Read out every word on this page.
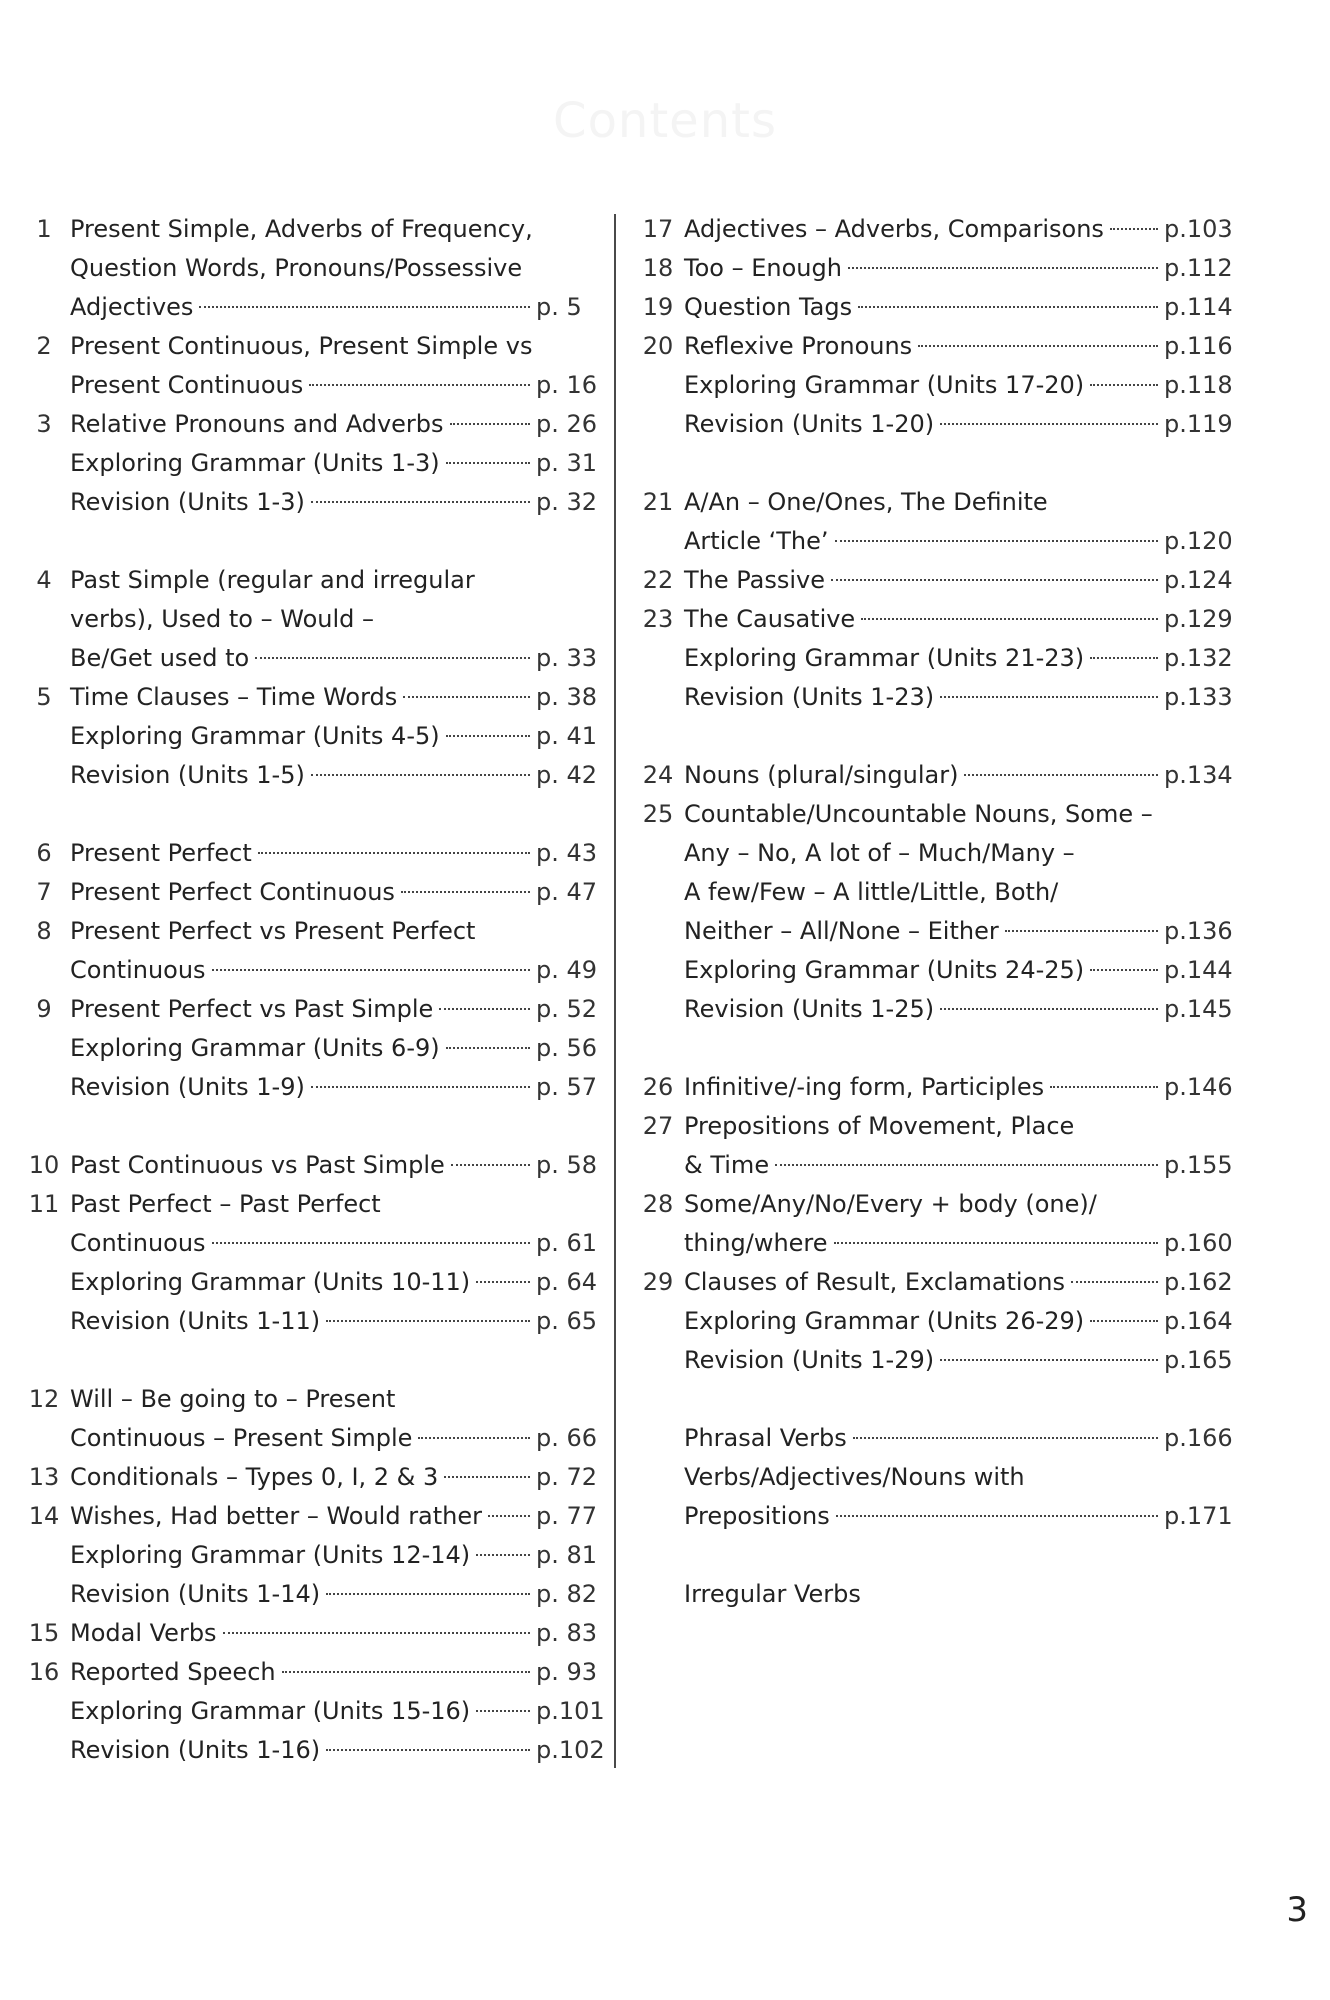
Contents
1 Present Simple, Adverbs of Frequency,
Question Words, Pronouns/Possessive
Adjectives	p. 5
2 Present Continuous, Present Simple vs
Present Continuous	p. 16
3 Relative Pronouns and Adverbs	p. 26
Exploring Grammar (Units 1-3)	p. 31
Revision (Units 1-3)	p. 32
4 Past Simple (regular and irregular
verbs), Used to – Would –
Be/Get used to	p. 33
5 Time Clauses – Time Words	p. 38
Exploring Grammar (Units 4-5)	p. 41
Revision (Units 1-5)	p. 42
6 Present Perfect	p. 43
7 Present Perfect Continuous	p. 47
8 Present Perfect vs Present Perfect
Continuous	p. 49
9 Present Perfect vs Past Simple	p. 52
Exploring Grammar (Units 6-9)	p. 56
Revision (Units 1-9)	p. 57
10 Past Continuous vs Past Simple	p. 58
11 Past Perfect – Past Perfect
Continuous	p. 61
Exploring Grammar (Units 10-11)	p. 64
Revision (Units 1-11)	p. 65
12 Will – Be going to – Present
Continuous – Present Simple	p. 66
13 Conditionals – Types 0, I, 2 & 3	p. 72
14 Wishes, Had better – Would rather p. 77
Exploring Grammar (Units 12-14)	p. 81
Revision (Units 1-14)	p. 82
15 Modal Verbs	p. 83
16 Reported Speech	p. 93
Exploring Grammar (Units 15-16)	p.101
Revision (Units 1-16)	p.102
17 Adjectives – Adverbs, Comparisons	p.103
18 Too – Enough	p.112
19 Question Tags	p.114
20 Reflexive Pronouns	p.116
Exploring Grammar (Units 17-20)	p.118
Revision (Units 1-20)	p.119
21 A/An – One/Ones, The Definite
Article ‘The’	p.120
22 The Passive	p.124
23 The Causative	p.129
Exploring Grammar (Units 21-23)	p.132
Revision (Units 1-23)	p.133
24 Nouns (plural/singular)	p.134
25 Countable/Uncountable Nouns, Some –
Any – No, A lot of – Much/Many –
A few/Few – A little/Little, Both/
Neither – All/None – Either	p.136
Exploring Grammar (Units 24-25)	p.144
Revision (Units 1-25)	p.145
26 Infinitive/-ing form, Participles	p.146
27 Prepositions of Movement, Place
& Time	p.155
28 Some/Any/No/Every + body (one)/
thing/where	p.160
29 Clauses of Result, Exclamations	p.162
Exploring Grammar (Units 26-29)	p.164
Revision (Units 1-29)	p.165
Phrasal Verbs	p.166
Verbs/Adjectives/Nouns with
Prepositions	p.171
Irregular Verbs
3
